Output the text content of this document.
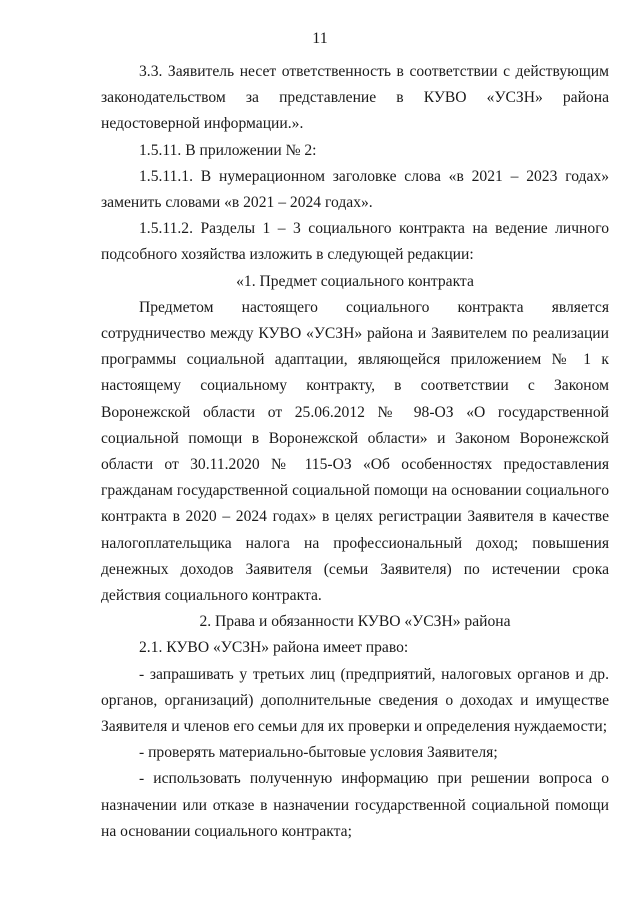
11

3.3. Заявитель несет ответственность в соответствии с действующим законодательством за представление в КУВО «УСЗН» района недостоверной информации.».

1.5.11. В приложении № 2:

1.5.11.1. В нумерационном заголовке слова «в 2021 – 2023 годах» заменить словами «в 2021 – 2024 годах».

1.5.11.2. Разделы 1 – 3 социального контракта на ведение личного подсобного хозяйства изложить в следующей редакции:

«1. Предмет социального контракта

Предметом настоящего социального контракта является сотрудничество между КУВО «УСЗН» района и Заявителем по реализации программы социальной адаптации, являющейся приложением № 1 к настоящему социальному контракту, в соответствии с Законом Воронежской области от 25.06.2012 № 98-ОЗ «О государственной социальной помощи в Воронежской области» и Законом Воронежской области от 30.11.2020 № 115-ОЗ «Об особенностях предоставления гражданам государственной социальной помощи на основании социального контракта в 2020 – 2024 годах» в целях регистрации Заявителя в качестве налогоплательщика налога на профессиональный доход; повышения денежных доходов Заявителя (семьи Заявителя) по истечении срока действия социального контракта.

2. Права и обязанности КУВО «УСЗН» района

2.1. КУВО «УСЗН» района имеет право:

- запрашивать у третьих лиц (предприятий, налоговых органов и др. органов, организаций) дополнительные сведения о доходах и имуществе Заявителя и членов его семьи для их проверки и определения нуждаемости;

- проверять материально-бытовые условия Заявителя;

- использовать полученную информацию при решении вопроса о назначении или отказе в назначении государственной социальной помощи на основании социального контракта;
